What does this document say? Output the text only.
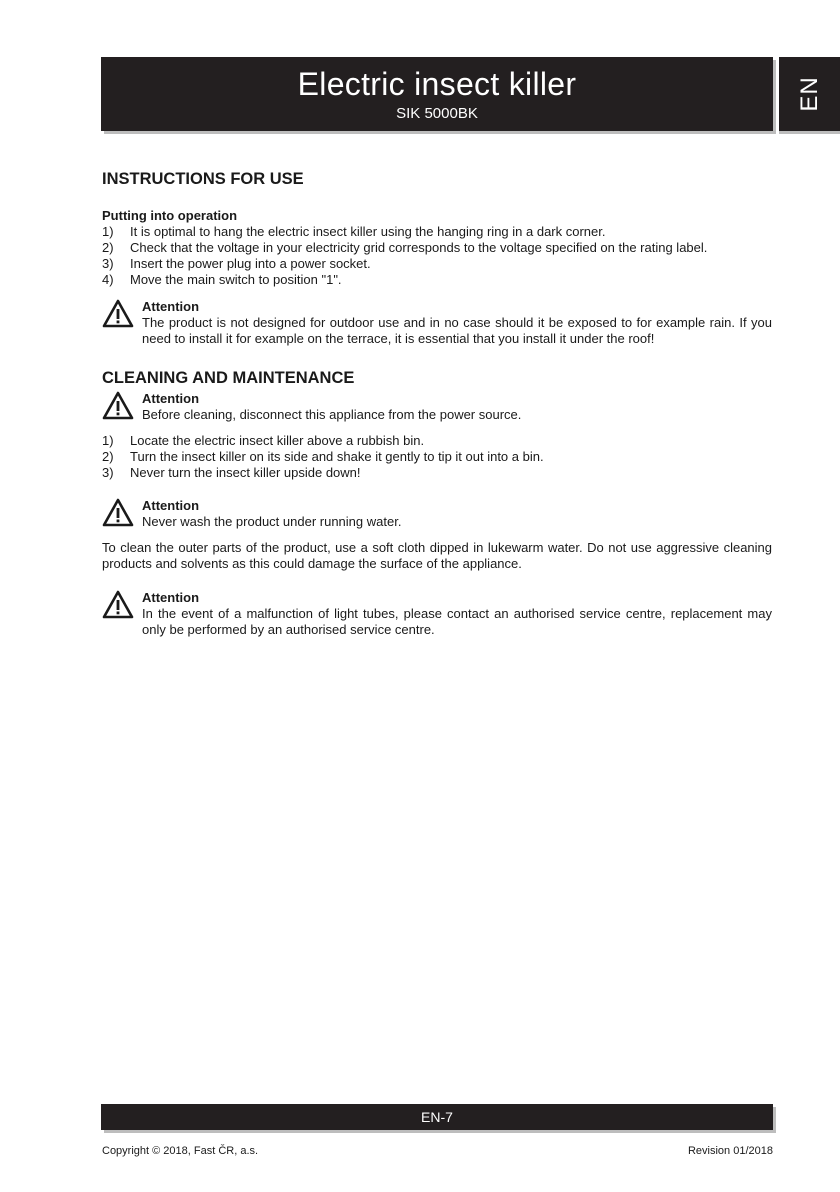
Electric insect killer
SIK 5000BK
EN
INSTRUCTIONS FOR USE
Putting into operation
1) It is optimal to hang the electric insect killer using the hanging ring in a dark corner.
2) Check that the voltage in your electricity grid corresponds to the voltage specified on the rating label.
3) Insert the power plug into a power socket.
4) Move the main switch to position "1".
Attention
The product is not designed for outdoor use and in no case should it be exposed to for example rain. If you need to install it for example on the terrace, it is essential that you install it under the roof!
CLEANING AND MAINTENANCE
Attention
Before cleaning, disconnect this appliance from the power source.
1) Locate the electric insect killer above a rubbish bin.
2) Turn the insect killer on its side and shake it gently to tip it out into a bin.
3) Never turn the insect killer upside down!
Attention
Never wash the product under running water.

To clean the outer parts of the product, use a soft cloth dipped in lukewarm water. Do not use aggressive cleaning products and solvents as this could damage the surface of the appliance.

Attention
In the event of a malfunction of light tubes, please contact an authorised service centre, replacement may only be performed by an authorised service centre.
EN-7
Copyright © 2018, Fast ČR, a.s.	Revision 01/2018
